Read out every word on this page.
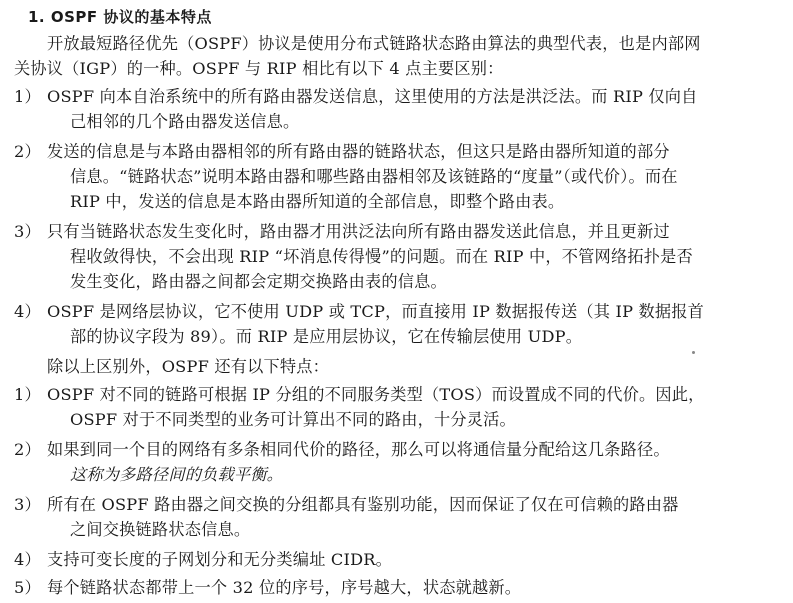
1. OSPF 协议的基本特点
开放最短路径优先（OSPF）协议是使用分布式链路状态路由算法的典型代表，也是内部网
关协议（IGP）的一种。OSPF 与 RIP 相比有以下 4 点主要区别：
1） OSPF 向本自治系统中的所有路由器发送信息，这里使用的方法是洪泛法。而 RIP 仅向自
己相邻的几个路由器发送信息。
2） 发送的信息是与本路由器相邻的所有路由器的链路状态，但这只是路由器所知道的部分
信息。“链路状态”说明本路由器和哪些路由器相邻及该链路的“度量”（或代价）。而在
RIP 中，发送的信息是本路由器所知道的全部信息，即整个路由表。
3） 只有当链路状态发生变化时，路由器才用洪泛法向所有路由器发送此信息，并且更新过
程收敛得快，不会出现 RIP “坏消息传得慢”的问题。而在 RIP 中，不管网络拓扑是否
发生变化，路由器之间都会定期交换路由表的信息。
4） OSPF 是网络层协议，它不使用 UDP 或 TCP，而直接用 IP 数据报传送（其 IP 数据报首
部的协议字段为 89）。而 RIP 是应用层协议，它在传输层使用 UDP。
除以上区别外，OSPF 还有以下特点：
1） OSPF 对不同的链路可根据 IP 分组的不同服务类型（TOS）而设置成不同的代价。因此，
OSPF 对于不同类型的业务可计算出不同的路由，十分灵活。
2） 如果到同一个目的网络有多条相同代价的路径，那么可以将通信量分配给这几条路径。
这称为多路径间的负载平衡。
3） 所有在 OSPF 路由器之间交换的分组都具有鉴别功能，因而保证了仅在可信赖的路由器
之间交换链路状态信息。
4） 支持可变长度的子网划分和无分类编址 CIDR。
5） 每个链路状态都带上一个 32 位的序号，序号越大，状态就越新。
